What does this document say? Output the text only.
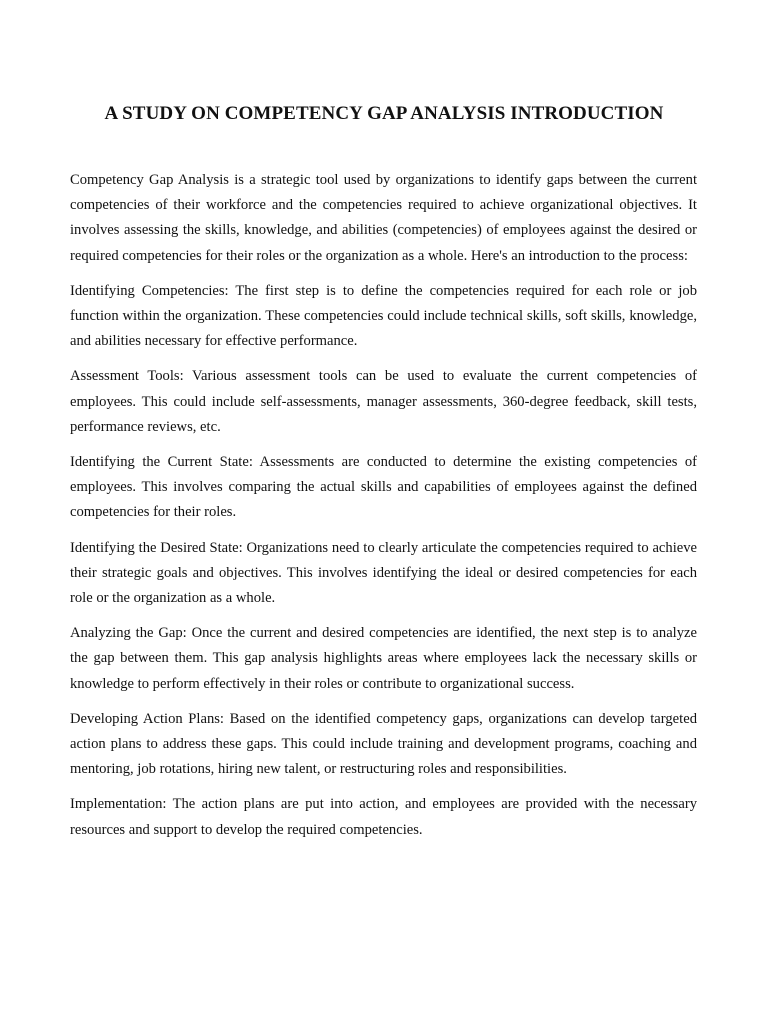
A STUDY ON COMPETENCY GAP ANALYSIS INTRODUCTION

Competency Gap Analysis is a strategic tool used by organizations to identify gaps between the current competencies of their workforce and the competencies required to achieve organizational objectives. It involves assessing the skills, knowledge, and abilities (competencies) of employees against the desired or required competencies for their roles or the organization as a whole. Here's an introduction to the process:

Identifying Competencies: The first step is to define the competencies required for each role or job function within the organization. These competencies could include technical skills, soft skills, knowledge, and abilities necessary for effective performance.

Assessment Tools: Various assessment tools can be used to evaluate the current competencies of employees. This could include self-assessments, manager assessments, 360-degree feedback, skill tests, performance reviews, etc.

Identifying the Current State: Assessments are conducted to determine the existing competencies of employees. This involves comparing the actual skills and capabilities of employees against the defined competencies for their roles.

Identifying the Desired State: Organizations need to clearly articulate the competencies required to achieve their strategic goals and objectives. This involves identifying the ideal or desired competencies for each role or the organization as a whole.

Analyzing the Gap: Once the current and desired competencies are identified, the next step is to analyze the gap between them. This gap analysis highlights areas where employees lack the necessary skills or knowledge to perform effectively in their roles or contribute to organizational success.

Developing Action Plans: Based on the identified competency gaps, organizations can develop targeted action plans to address these gaps. This could include training and development programs, coaching and mentoring, job rotations, hiring new talent, or restructuring roles and responsibilities.

Implementation: The action plans are put into action, and employees are provided with the necessary resources and support to develop the required competencies.
